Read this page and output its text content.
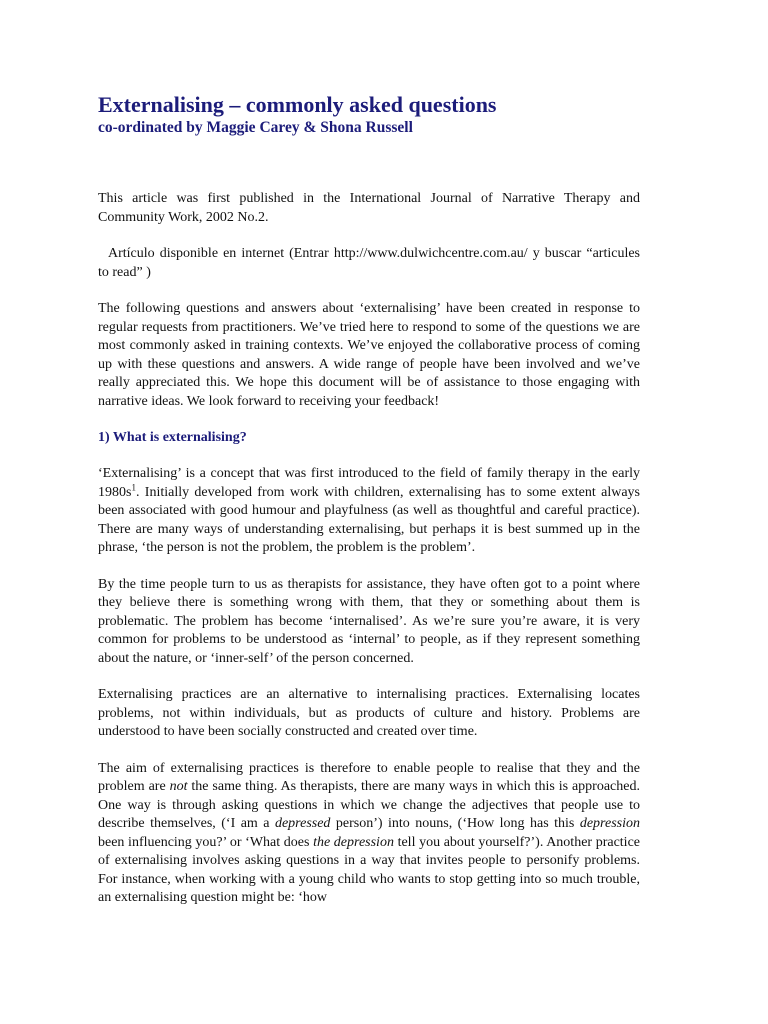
Externalising – commonly asked questions
co-ordinated by Maggie Carey & Shona Russell

This article was first published in the International Journal of Narrative Therapy and Community Work, 2002 No.2.

Artículo disponible en internet (Entrar http://www.dulwichcentre.com.au/ y buscar “articules to read” )

The following questions and answers about ‘externalising’ have been created in response to regular requests from practitioners. We’ve tried here to respond to some of the questions we are most commonly asked in training contexts. We’ve enjoyed the collaborative process of coming up with these questions and answers. A wide range of people have been involved and we’ve really appreciated this. We hope this document will be of assistance to those engaging with narrative ideas. We look forward to receiving your feedback!

1) What is externalising?

‘Externalising’ is a concept that was first introduced to the field of family therapy in the early $1980s^1$. Initially developed from work with children, externalising has to some extent always been associated with good humour and playfulness (as well as thoughtful and careful practice). There are many ways of understanding externalising, but perhaps it is best summed up in the phrase, ‘the person is not the problem, the problem is the problem’.

By the time people turn to us as therapists for assistance, they have often got to a point where they believe there is something wrong with them, that they or something about them is problematic. The problem has become ‘internalised’. As we’re sure you’re aware, it is very common for problems to be understood as ‘internal’ to people, as if they represent something about the nature, or ‘inner-self’ of the person concerned.

Externalising practices are an alternative to internalising practices. Externalising locates problems, not within individuals, but as products of culture and history. Problems are understood to have been socially constructed and created over time.

The aim of externalising practices is therefore to enable people to realise that they and the problem are not the same thing. As therapists, there are many ways in which this is approached. One way is through asking questions in which we change the adjectives that people use to describe themselves, (‘I am a depressed person’) into nouns, (‘How long has this depression been influencing you?’ or ‘What does the depression tell you about yourself?’). Another practice of externalising involves asking questions in a way that invites people to personify problems. For instance, when working with a young child who wants to stop getting into so much trouble, an externalising question might be: ‘how
